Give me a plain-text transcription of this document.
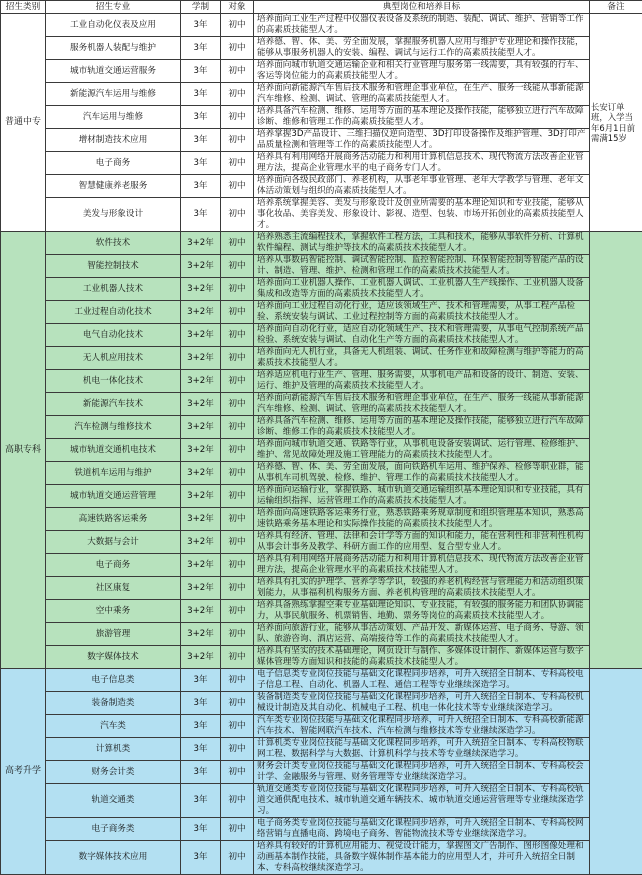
招生类别	招生专业	学制	对象	典型岗位和培养目标	备注
普通中专	工业自动化仪表及应用	3年	初中	培养面向工业生产过程中仪器仪表设备及系统的制造、装配、调试、维护、营销等工作的高素质技能型人才。	长安订单班，入学当年6月1日前需满15岁
	服务机器人装配与维护	3年	初中	培养德、智、体、美、劳全面发展，掌握服务机器人应用与维护专业理论和操作技能，能够从事服务机器人的安装、编程、调试与运行工作的高素质技能型人才。	
	城市轨道交通运营服务	3年	初中	培养面向城市轨道交通运输企业和相关行业管理与服务第一线需要，具有较强的行车、客运等岗位能力的高素质技能型人才。	
	新能源汽车运用与维修	3年	初中	培养面向新能源汽车售后技术服务和管理企事业单位，在生产、服务一线能从事新能源汽车维修、检测、调试、管理的高素质技能型人才。	
	汽车运用与维修	3年	初中	培养具备汽车检测、维修、运用等方面的基本理论及操作技能，能够独立进行汽车故障诊断、维修和管理工作的高素质技能型人才。	
	增材制造技术应用	3年	初中	培养掌握3D产品设计、三维扫描仪逆向造型、3D打印设备操作及维护管理、3D打印产品质量检测和管理等工作的高素质技能型人才。	
	电子商务	3年	初中	培养具有利用网络开展商务活动能力和利用计算机信息技术、现代物流方法改善企业管理方法，提高企业管理水平的电子商务专门人才。	
	智慧健康养老服务	3年	初中	培养面向各级民政部门、养老机构，从事老年事业管理、老年大学教学与管理、老年文体活动策划与组织的高素质技能型人才。	
	美发与形象设计	3年	初中	培养系统掌握美容、美发与形象设计及创业所需要的基本理论知识和专业技能，能够从事化妆品、美容美发、形象设计、影视、造型、包装、市场开拓创业的高素质技能型人才。	
高职专科	软件技术	3+2年	初中	培养熟悉主流编程技术，掌握软件工程方法，工具和技术，能够从事软件分析、计算机软件编程、测试与维护等技术的高素质技术技能型人才。	
	智能控制技术	3+2年	初中	培养从事数码智能控制、调试智能控制、监控智能控制、环保智能控制等智能产品的设计、制造、管理、维护、检测和管理工作的高素质技术技能型人才。	
	工业机器人技术	3+2年	初中	培养面向工业机器人操作、工业机器人调试、工业机器人生产线操作、工业机器人设备集成和改造等方面的高素质技术技能型人才。	
	工业过程自动化技术	3+2年	初中	培养面向工业过程自动化行业，适应该领域生产、技术和管理需要，从事工程产品检验、系统安装与调试、工业过程控制等方面的高素质技术技能型人才。	
	电气自动化技术	3+2年	初中	培养面向自动化行业，适应自动化领域生产、技术和管理需要，从事电气控制系统产品检验、系统安装与调试、自动化生产等方面的高素质技术技能型人才。	
	无人机应用技术	3+2年	初中	培养面向无人机行业，具备无人机组装、调试、任务作业和故障检测与维护等能力的高素质技术技能型人才。	
	机电一体化技术	3+2年	初中	培养适应机电行业生产、管理、服务需要，从事机电产品和设备的设计、制造、安装、运行、维护及管理的高素质技术技能型人才。	
	新能源汽车技术	3+2年	初中	培养面向新能源汽车售后技术服务和管理企事业单位，在生产、服务一线能从事新能源汽车维修、检测、调试、管理的高素质技术技能型人才。	
	汽车检测与维修技术	3+2年	初中	培养具备汽车检测、维修、运用等方面的基本理论及操作技能，能够独立进行汽车故障诊断、维修工作的高素质技术技能型人才。	
	城市轨道交通机电技术	3+2年	初中	培养面向城市轨道交通、铁路等行业，从事机电设备安装调试、运行管理、检修维护、维护、常见故障处理及施工管理能力的高素质技术技能型人才。	
	铁道机车运用与维护	3+2年	初中	培养德、智、体、美、劳全面发展，面向铁路机车运用、维护保养、检修等职业群，能从事机车司机驾驶、检修、维护、管理工作的高素质技术技能型人才。	
	城市轨道交通运营管理	3+2年	初中	培养面向运输行业，掌握铁路、城市轨道交通运输组织基本理论知识和专业技能，具有运输组织指挥、运营管理工作的高素质技术技能型人才。	
	高速铁路客运乘务	3+2年	初中	培养面向高速铁路客运乘务行业，熟悉铁路乘务规章制度和组织管理基本知识，熟悉高速铁路乘务基本理论和实际操作技能的高素质技术技能型人才。	
	大数据与会计	3+2年	初中	培养具有经济、管理、法律和会计学等方面的知识和能力，能在营利性和非营利性机构从事会计事务及教学、科研方面工作的应用型、复合型专业人才。	
	电子商务	3+2年	初中	培养具有利用网络开展商务活动能力和利用计算机信息技术、现代物流方法改善企业管理方法，提高企业管理水平的高素质技术技能型人才。	
	社区康复	3+2年	初中	培养具有扎实的护理学、营养学等学识，较强的养老机构经营与管理能力和活动组织策划能力，从事福利机构服务方面、养老机构管理的高素质技术技能型人才。	
	空中乘务	3+2年	初中	培养具备熟练掌握空乘专业基础理论知识、专业技能，有较强的服务能力和团队协调能力，从事民航服务、机票销售、地勤、票务等岗位的高素质技术技能型人才。	
	旅游管理	3+2年	初中	培养面向旅游行业，能够从事活动策划、产品开发、新媒体运营、电子商务、导游、领队、旅游咨询、酒店运营、高端接待等工作的高素质技术技能型人才。	
	数字媒体技术	3+2年	初中	培养具有坚实的技术基础理论，网页设计与制作、多媒体设计制作、新媒体运营与数字媒体管理等方面知识和技能的高素质技术技能型人才。	
高考升学	电子信息类	3年	初中	电子信息类专业岗位技能与基础文化课程同步培养，可升入统招全日制本、专科高校电子信息工程、自动化、机器人工程、通信工程等专业继续深造学习。	
	装备制造类	3年	初中	装备制造类专业岗位技能与基础文化课程同步培养，可升入统招全日制本、专科高校机械设计制造及其自动化、机械电子工程、机电一体化技术等专业继续深造学习。	
	汽车类	3年	初中	汽车类专业岗位技能与基础文化课程同步培养，可升入统招全日制本、专科高校新能源汽车技术、智能网联汽车技术、汽车检测与维修技术等专业继续深造学习。	
	计算机类	3年	初中	计算机类专业岗位技能与基础文化课程同步培养，可升入统招全日制本、专科高校物联网工程、数据科学与大数据、计算机科学与技术等专业继续深造学习。	
	财务会计类	3年	初中	财务会计类专业岗位技能与基础文化课程同步培养，可升入统招全日制本、专科高校会计学、金融服务与管理、财务管理等专业继续深造学习。	
	轨道交通类	3年	初中	轨道交通类专业岗位技能与基础文化课程同步培养，可升入统招全日制本、专科高校轨道交通供配电技术、城市轨道交通车辆技术、城市轨道交通运营管理等专业继续深造学习。	
	电子商务类	3年	初中	电子商务类专业岗位技能与基础文化课程同步培养，可升入统招全日制本、专科高校网络营销与直播电商、跨境电子商务、智能物流技术等专业继续深造学习。	
	数字媒体技术应用	3年	初中	培养具有较好的计算机应用能力、视觉设计能力，掌握图文广告制作、图形图像处理和动画基本制作技能，具备数字媒体制作基本能力的应用型人才，并可升入统招全日制本、专科高校继续深造学习。	
